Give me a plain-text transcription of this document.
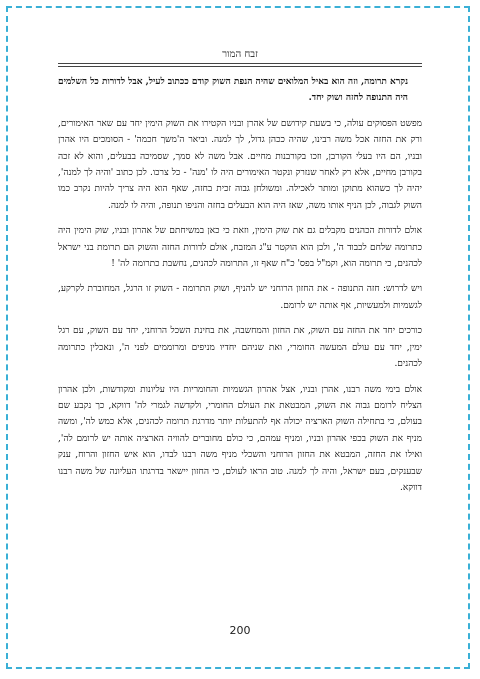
זבח המור

נקרא תרומה, וזה הוא באיל המלואים שהיה הנפת השוק קודם ככתוב לעיל, אבל לדורות כל השלמים היה התנופה לחזה ושוק יחד.

מפשט הפסוקים עולה, כי בשעת קידושם של אהרן ובניו הקטירו את השוק הימין יחד עם שאר האימורים, ורק את החזה אכל משה רבינו, שהיה ככהן גדול, לך למנה. וביאר ה'משך חכמה' - הסומכים היו אהרן ובניו, הם היו בעלי הקורבן, וזכו בקורבנות מחיים. אבל משה לא סמך, שסמיכה בבעלים, והוא לא זכה בקורבן מחיים, אלא רק לאחר שנזרק ונקטר האימורים היה לו 'מנה' - כל צרכו. לכן כתוב 'והיה לך למנה', יהיה לך כשהוא מתוקן ומותר לאכילה. ומשולחן גבוה זכית בחזה, שאף הוא היה צריך להיות נקרב כמו השוק לגבוה, לכן הניף אותו משה, שאז היה הוא הבעלים בחזה והניפו תנופה, והיה לו למנה.

אולם לדורות הכהנים מקבלים גם את שוק הימין, וזאת כי כאן במשיחתם של אהרון ובניו, שוק הימין היה כתרומה שלחם לכבוד ה', ולכן הוא הוקטר ע"ג המזבח, אולם לדורות החזה והשוק הם תרומת בני ישראל לכהנים, כי תרומה הוא, וקמ"ל בפס' כ"ח שאף זו, התרומה לכהנים, נחשבת כתרומה לה' !

ויש לדרוש: חזה התנופה - את החזון הרוחני יש להניף, ושוק התרומה - השוק זו הרגל, המחוברת לקרקע, לגשמיות ולמעשיות, אף אותה יש לרומם.

כורכים יחד את החזה עם השוק, את החזון והמחשבה, את בחינת השכל הרוחני, יחד עם השוק, עם רגל ימין, יחד עם עולם המעשה החומרי, ואת שניהם יחדיו מניפים ומרוממים לפני ה', ונאכלין כתרומה לכהנים.

אולם בימי משה רבנו, אהרן ובניו, אצל אהרון הגשמיות והחומריות היו עליונות ומקודשות, ולכן אהרון הצליח לרומם גבוה את השוק, המבטאת את העולם החומרי, ולקדשה לגמרי לה' דווקא, כך נקבע שם בעולם, כי בתחילה השוק הארציה יכולה אף להתעלות יותר מדרגת תרומה לכהנים, אלא כמש לה', ומשה מניף את השוק בכפי אהרון ובניו, ומניף עמהם, כי כולם מחוברים להוויה הארציה אותה יש לרומם לה', ואילו את החזה, המבטא את החזון הרוחני והשכלי מניף משה רבנו לבדו, הוא איש החזון והרוח, ענק שבענקים, בעם ישראל, והיה לך למנה. טוב הראו לעולם, כי החזון יישאר בדרגתו העליונה של משה רבנו דווקא.

200
